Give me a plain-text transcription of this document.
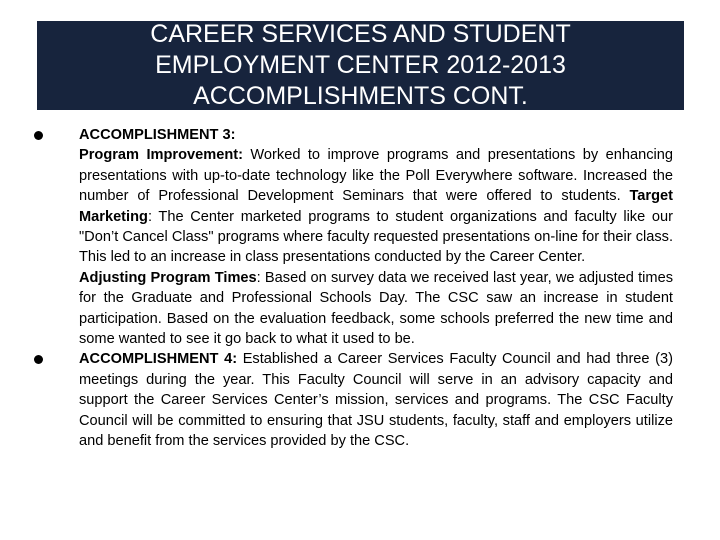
CAREER SERVICES AND STUDENT
EMPLOYMENT CENTER 2012-2013
ACCOMPLISHMENTS CONT.

ACCOMPLISHMENT 3:

Program Improvement: Worked to improve programs and presentations by enhancing presentations with up-to-date technology like the Poll Everywhere software. Increased the number of Professional Development Seminars that were offered to students. Target Marketing: The Center marketed programs to student organizations and faculty like our "Don’t Cancel Class" programs where faculty requested presentations on-line for their class. This led to an increase in class presentations conducted by the Career Center.

Adjusting Program Times: Based on survey data we received last year, we adjusted times for the Graduate and Professional Schools Day. The CSC saw an increase in student participation. Based on the evaluation feedback, some schools preferred the new time and some wanted to see it go back to what it used to be.

ACCOMPLISHMENT 4: Established a Career Services Faculty Council and had three (3) meetings during the year. This Faculty Council will serve in an advisory capacity and support the Career Services Center’s mission, services and programs. The CSC Faculty Council will be committed to ensuring that JSU students, faculty, staff and employers utilize and benefit from the services provided by the CSC.
